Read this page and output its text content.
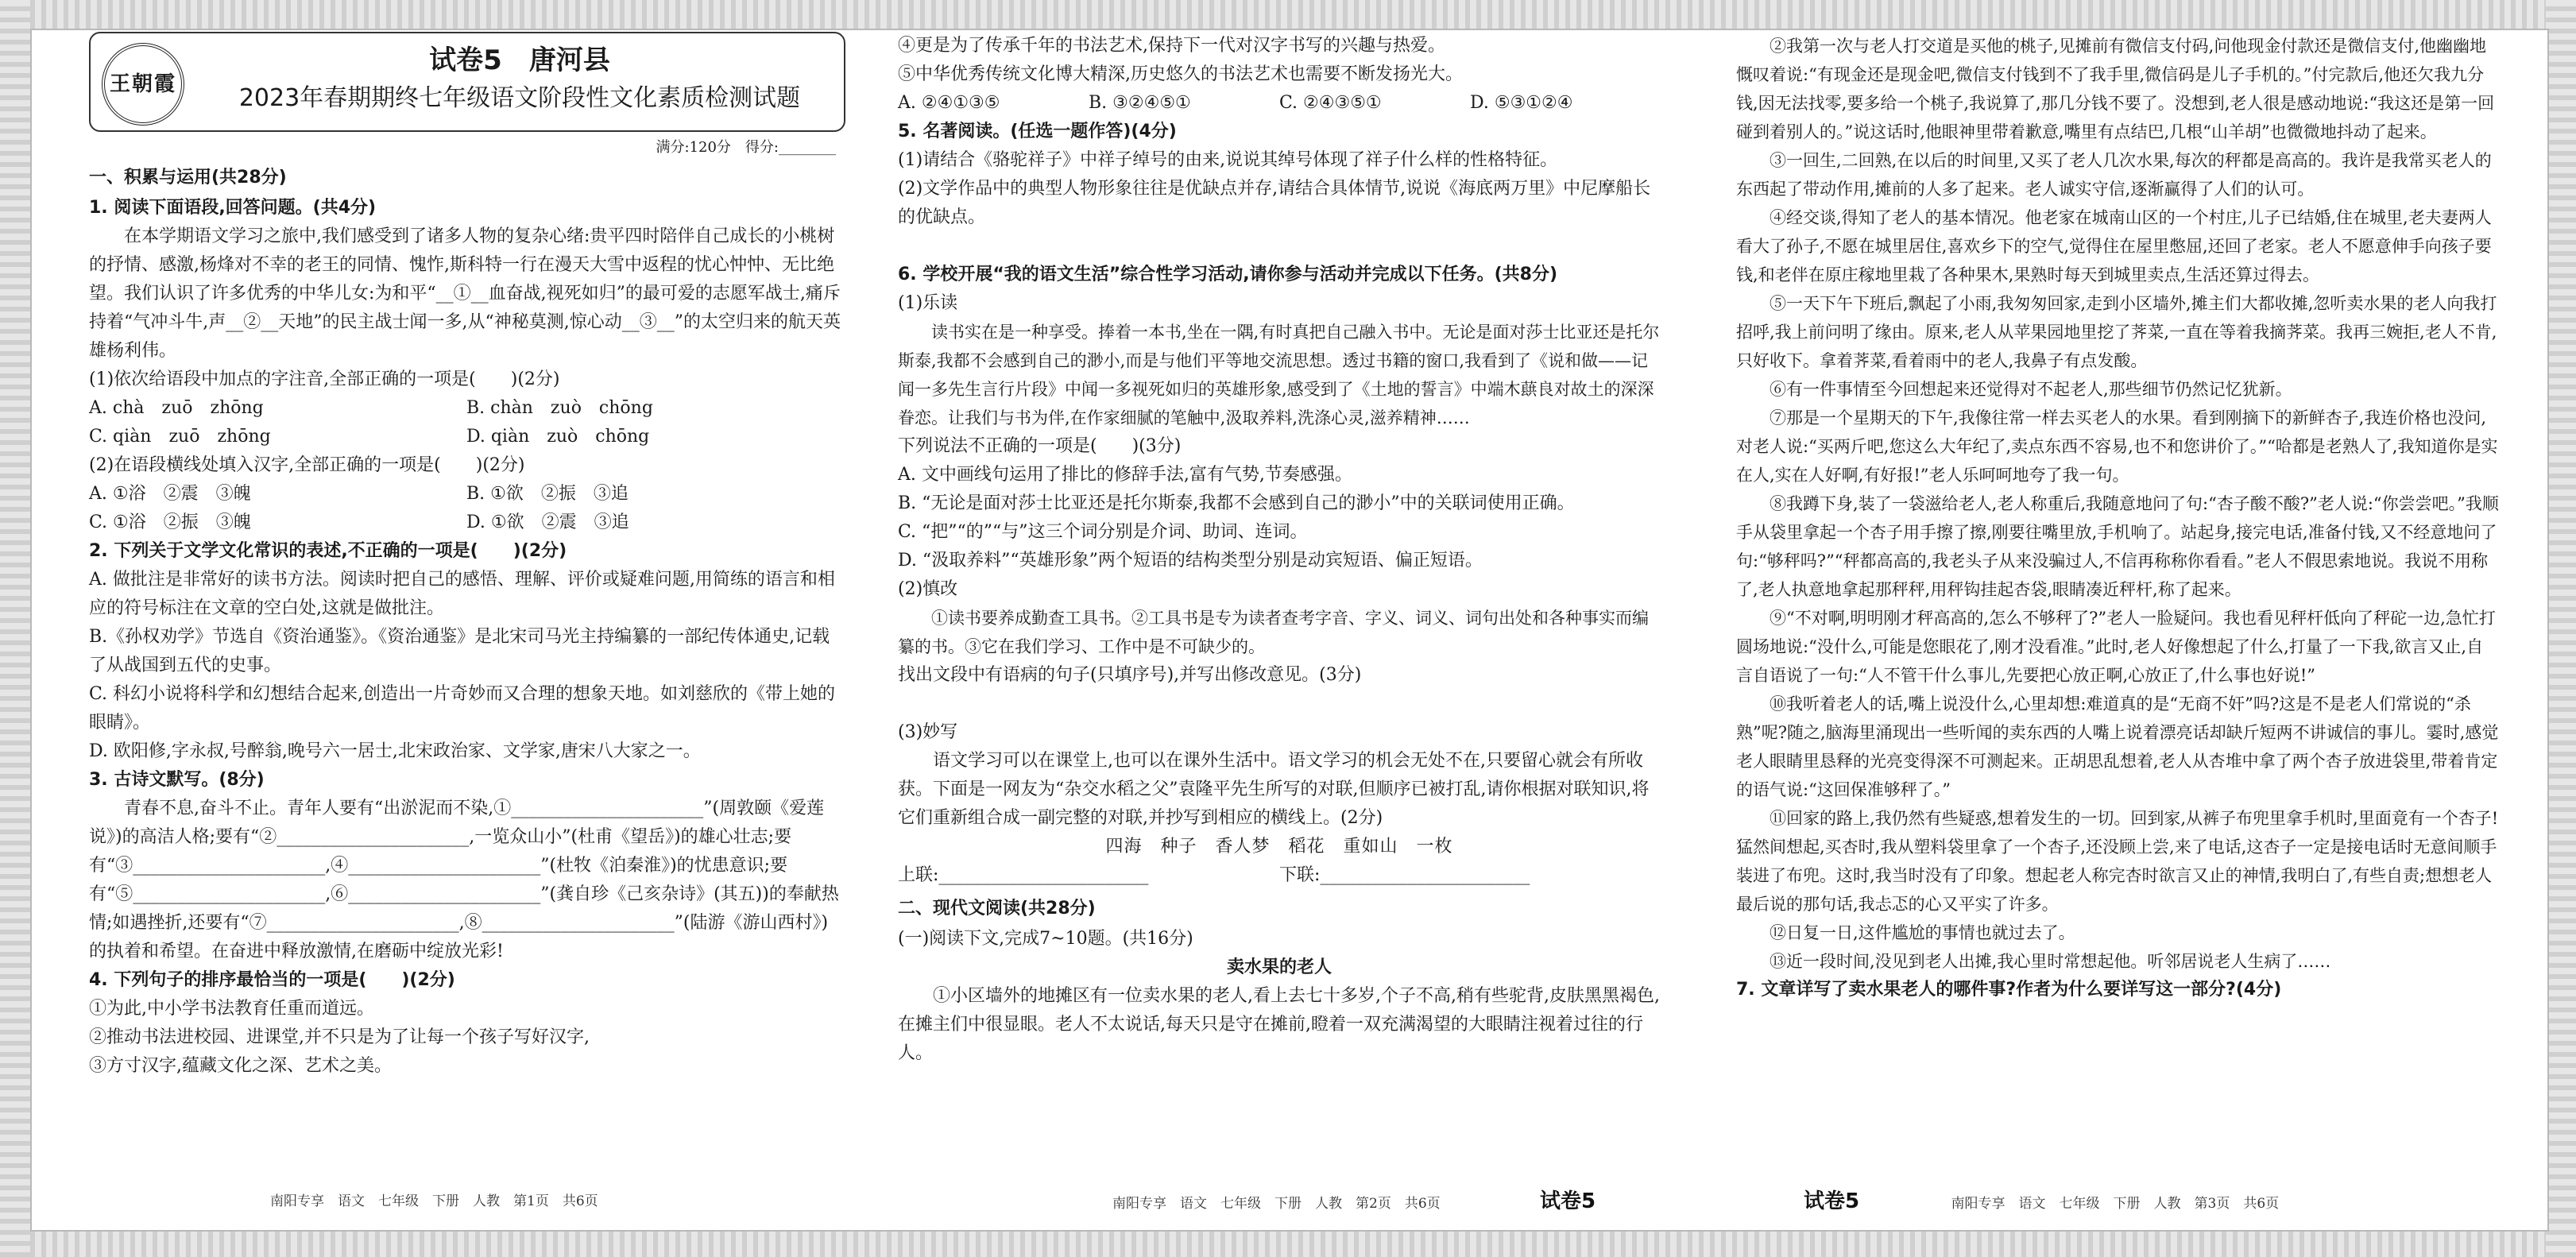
王朝霞
试卷5　唐河县
2023年春期期终七年级语文阶段性文化素质检测试题
满分:120分　得分:________
一、积累与运用(共28分)

1. 阅读下面语段,回答问题。(共4分)

在本学期语文学习之旅中,我们感受到了诸多人物的复杂心绪:贵平四时陪伴自己成长的小桃树的抒情、感激,杨烽对不幸的老王的同情、愧怍,斯科特一行在漫天大雪中返程的忧心忡忡、无比绝望。我们认识了许多优秀的中华儿女:为和平“__①__血奋战,视死如归”的最可爱的志愿军战士,痛斥持着“气冲斗牛,声__②__天地”的民主战士闻一多,从“神秘莫测,惊心动__③__”的太空归来的航天英雄杨利伟。

(1)依次给语段中加点的字注音,全部正确的一项是(　　)(2分)

A. chà　zuō　zhōng	B. chàn　zuò　chōng
C. qiàn　zuō　zhōng	D. qiàn　zuò　chōng

(2)在语段横线处填入汉字,全部正确的一项是(　　)(2分)

A. ①浴　②震　③魄	B. ①欲　②振　③追
C. ①浴　②振　③魄	D. ①欲　②震　③追

2. 下列关于文学文化常识的表述,不正确的一项是(　　)(2分)

A. 做批注是非常好的读书方法。阅读时把自己的感悟、理解、评价或疑难问题,用简练的语言和相应的符号标注在文章的空白处,这就是做批注。

B.《孙权劝学》节选自《资治通鉴》。《资治通鉴》是北宋司马光主持编纂的一部纪传体通史,记载了从战国到五代的史事。

C. 科幻小说将科学和幻想结合起来,创造出一片奇妙而又合理的想象天地。如刘慈欣的《带上她的眼睛》。

D. 欧阳修,字永叔,号醉翁,晚号六一居士,北宋政治家、文学家,唐宋八大家之一。

3. 古诗文默写。(8分)

青春不息,奋斗不止。青年人要有“出淤泥而不染,①______________________”(周敦颐《爱莲说》)的高洁人格;要有“②______________________,一览众山小”(杜甫《望岳》)的雄心壮志;要有“③______________________,④______________________”(杜牧《泊秦淮》)的忧患意识;要有“⑤______________________,⑥______________________”(龚自珍《己亥杂诗》(其五))的奉献热情;如遇挫折,还要有“⑦______________________,⑧______________________”(陆游《游山西村》)的执着和希望。在奋进中释放激情,在磨砺中绽放光彩!

4. 下列句子的排序最恰当的一项是(　　)(2分)

①为此,中小学书法教育任重而道远。

②推动书法进校园、进课堂,并不只是为了让每一个孩子写好汉字,

③方寸汉字,蕴藏文化之深、艺术之美。

南阳专享　语文　七年级　下册　人教　第1页　共6页

④更是为了传承千年的书法艺术,保持下一代对汉字书写的兴趣与热爱。

⑤中华优秀传统文化博大精深,历史悠久的书法艺术也需要不断发扬光大。

A. ②④①③⑤	B. ③②④⑤①	C. ②④③⑤①	D. ⑤③①②④

5. 名著阅读。(任选一题作答)(4分)

(1)请结合《骆驼祥子》中祥子绰号的由来,说说其绰号体现了祥子什么样的性格特征。

(2)文学作品中的典型人物形象往往是优缺点并存,请结合具体情节,说说《海底两万里》中尼摩船长的优缺点。

6. 学校开展“我的语文生活”综合性学习活动,请你参与活动并完成以下任务。(共8分)

(1)乐读

读书实在是一种享受。捧着一本书,坐在一隅,有时真把自己融入书中。无论是面对莎士比亚还是托尔斯泰,我都不会感到自己的渺小,而是与他们平等地交流思想。透过书籍的窗口,我看到了《说和做——记闻一多先生言行片段》中闻一多视死如归的英雄形象,感受到了《土地的誓言》中端木蕻良对故土的深深眷恋。让我们与书为伴,在作家细腻的笔触中,汲取养料,洗涤心灵,滋养精神……

下列说法不正确的一项是(　　)(3分)

A. 文中画线句运用了排比的修辞手法,富有气势,节奏感强。

B. “无论是面对莎士比亚还是托尔斯泰,我都不会感到自己的渺小”中的关联词使用正确。

C. “把”“的”“与”这三个词分别是介词、助词、连词。

D. “汲取养料”“英雄形象”两个短语的结构类型分别是动宾短语、偏正短语。

(2)慎改

①读书要养成勤查工具书。②工具书是专为读者查考字音、字义、词义、词句出处和各种事实而编纂的书。③它在我们学习、工作中是不可缺少的。

找出文段中有语病的句子(只填序号),并写出修改意见。(3分)

(3)妙写

语文学习可以在课堂上,也可以在课外生活中。语文学习的机会无处不在,只要留心就会有所收获。下面是一网友为“杂交水稻之父”袁隆平先生所写的对联,但顺序已被打乱,请你根据对联知识,将它们重新组合成一副完整的对联,并抄写到相应的横线上。(2分)

四海　种子　香人梦　稻花　重如山　一枚

上联:________________________	下联:________________________
二、现代文阅读(共28分)

(一)阅读下文,完成7~10题。(共16分)

卖水果的老人

①小区墙外的地摊区有一位卖水果的老人,看上去七十多岁,个子不高,稍有些驼背,皮肤黑黑褐色,在摊主们中很显眼。老人不太说话,每天只是守在摊前,瞪着一双充满渴望的大眼睛注视着过往的行人。

南阳专享　语文　七年级　下册　人教　第2页　共6页	试卷5

②我第一次与老人打交道是买他的桃子,见摊前有微信支付码,问他现金付款还是微信支付,他幽幽地慨叹着说:“有现金还是现金吧,微信支付钱到不了我手里,微信码是儿子手机的。”付完款后,他还欠我九分钱,因无法找零,要多给一个桃子,我说算了,那几分钱不要了。没想到,老人很是感动地说:“我这还是第一回碰到着别人的。”说这话时,他眼神里带着歉意,嘴里有点结巴,几根“山羊胡”也微微地抖动了起来。

③一回生,二回熟,在以后的时间里,又买了老人几次水果,每次的秤都是高高的。我许是我常买老人的东西起了带动作用,摊前的人多了起来。老人诚实守信,逐渐赢得了人们的认可。

④经交谈,得知了老人的基本情况。他老家在城南山区的一个村庄,儿子已结婚,住在城里,老夫妻两人看大了孙子,不愿在城里居住,喜欢乡下的空气,觉得住在屋里憋屈,还回了老家。老人不愿意伸手向孩子要钱,和老伴在原庄稼地里栽了各种果木,果熟时每天到城里卖点,生活还算过得去。

⑤一天下午下班后,飘起了小雨,我匆匆回家,走到小区墙外,摊主们大都收摊,忽听卖水果的老人向我打招呼,我上前问明了缘由。原来,老人从苹果园地里挖了荠菜,一直在等着我摘荠菜。我再三婉拒,老人不肯,只好收下。拿着荠菜,看着雨中的老人,我鼻子有点发酸。

⑥有一件事情至今回想起来还觉得对不起老人,那些细节仍然记忆犹新。

⑦那是一个星期天的下午,我像往常一样去买老人的水果。看到刚摘下的新鲜杏子,我连价格也没问,对老人说:“买两斤吧,您这么大年纪了,卖点东西不容易,也不和您讲价了。”“哈都是老熟人了,我知道你是实在人,实在人好啊,有好报!”老人乐呵呵地夸了我一句。

⑧我蹲下身,装了一袋滋给老人,老人称重后,我随意地问了句:“杏子酸不酸?”老人说:“你尝尝吧。”我顺手从袋里拿起一个杏子用手擦了擦,刚要往嘴里放,手机响了。站起身,接完电话,准备付钱,又不经意地问了句:“够秤吗?”“秤都高高的,我老头子从来没骗过人,不信再称称你看看。”老人不假思索地说。我说不用称了,老人执意地拿起那秤秤,用秤钩挂起杏袋,眼睛凑近秤杆,称了起来。

⑨“不对啊,明明刚才秤高高的,怎么不够秤了?”老人一脸疑问。我也看见秤杆低向了秤砣一边,急忙打圆场地说:“没什么,可能是您眼花了,刚才没看准。”此时,老人好像想起了什么,打量了一下我,欲言又止,自言自语说了一句:“人不管干什么事儿,先要把心放正啊,心放正了,什么事也好说!”

⑩我听着老人的话,嘴上说没什么,心里却想:难道真的是“无商不奸”吗?这是不是老人们常说的“杀熟”呢?随之,脑海里涌现出一些听闻的卖东西的人嘴上说着漂亮话却缺斤短两不讲诚信的事儿。霎时,感觉老人眼睛里恳释的光亮变得深不可测起来。正胡思乱想着,老人从杏堆中拿了两个杏子放进袋里,带着肯定的语气说:“这回保准够秤了。”

⑪回家的路上,我仍然有些疑惑,想着发生的一切。回到家,从裤子布兜里拿手机时,里面竟有一个杏子!猛然间想起,买杏时,我从塑料袋里拿了一个杏子,还没顾上尝,来了电话,这杏子一定是接电话时无意间顺手装进了布兜。这时,我当时没有了印象。想起老人称完杏时欲言又止的神情,我明白了,有些自责;想想老人最后说的那句话,我忐忑的心又平实了许多。

⑫日复一日,这件尴尬的事情也就过去了。

⑬近一段时间,没见到老人出摊,我心里时常想起他。听邻居说老人生病了……

7. 文章详写了卖水果老人的哪件事?作者为什么要详写这一部分?(4分)

试卷5	南阳专享　语文　七年级　下册　人教　第3页　共6页
